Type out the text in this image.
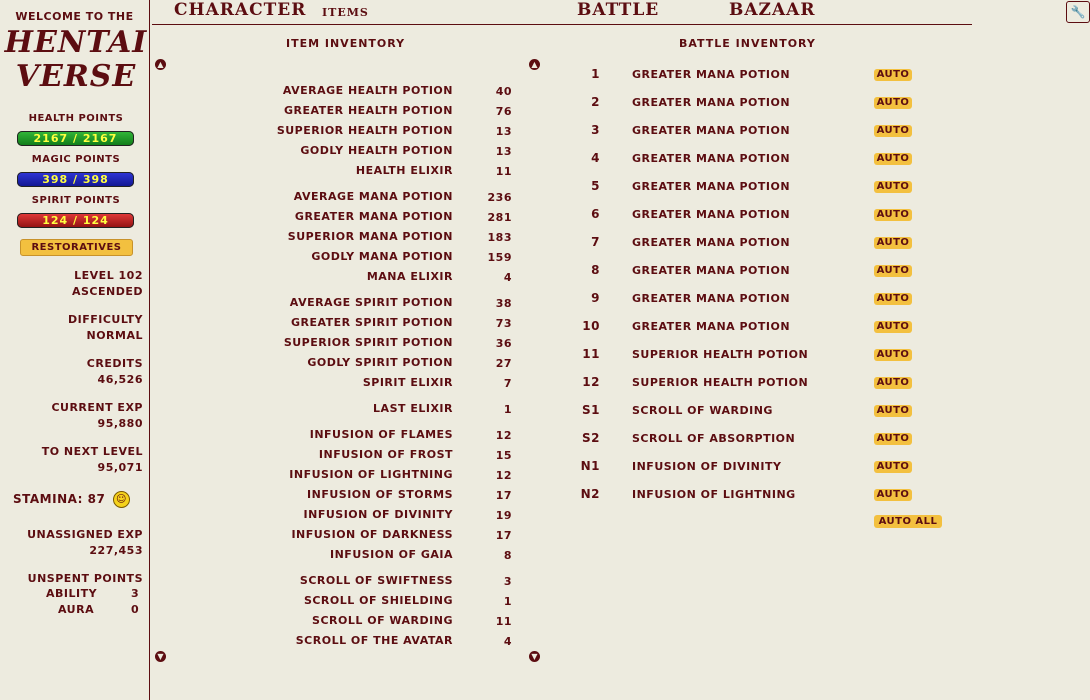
WELCOME TO THE
HENTAI
VERSE
HEALTH POINTS
2167 / 2167
MAGIC POINTS
398 / 398
SPIRIT POINTS
124 / 124
RESTORATIVES
LEVEL 102
ASCENDED
DIFFICULTY
NORMAL
CREDITS
46,526
CURRENT EXP
95,880
TO NEXT LEVEL
95,071
STAMINA: 87 ☺
UNASSIGNED EXP
227,453
UNSPENT POINTS
ABILITY	3
AURA	0
CHARACTER ITEMS	BATTLE	BAZAAR	🔧
ITEM INVENTORY
▲
▼
AVERAGE HEALTH POTION	40
GREATER HEALTH POTION	76
SUPERIOR HEALTH POTION	13
GODLY HEALTH POTION	13
HEALTH ELIXIR	11
AVERAGE MANA POTION	236
GREATER MANA POTION	281
SUPERIOR MANA POTION	183
GODLY MANA POTION	159
MANA ELIXIR	4
AVERAGE SPIRIT POTION	38
GREATER SPIRIT POTION	73
SUPERIOR SPIRIT POTION	36
GODLY SPIRIT POTION	27
SPIRIT ELIXIR	7
LAST ELIXIR	1
INFUSION OF FLAMES	12
INFUSION OF FROST	15
INFUSION OF LIGHTNING	12
INFUSION OF STORMS	17
INFUSION OF DIVINITY	19
INFUSION OF DARKNESS	17
INFUSION OF GAIA	8
SCROLL OF SWIFTNESS	3
SCROLL OF SHIELDING	1
SCROLL OF WARDING	11
SCROLL OF THE AVATAR	4
BATTLE INVENTORY
▲
▼
1	GREATER MANA POTION	AUTO
2	GREATER MANA POTION	AUTO
3	GREATER MANA POTION	AUTO
4	GREATER MANA POTION	AUTO
5	GREATER MANA POTION	AUTO
6	GREATER MANA POTION	AUTO
7	GREATER MANA POTION	AUTO
8	GREATER MANA POTION	AUTO
9	GREATER MANA POTION	AUTO
10	GREATER MANA POTION	AUTO
11	SUPERIOR HEALTH POTION	AUTO
12	SUPERIOR HEALTH POTION	AUTO
S1	SCROLL OF WARDING	AUTO
S2	SCROLL OF ABSORPTION	AUTO
N1	INFUSION OF DIVINITY	AUTO
N2	INFUSION OF LIGHTNING	AUTO
AUTO ALL
